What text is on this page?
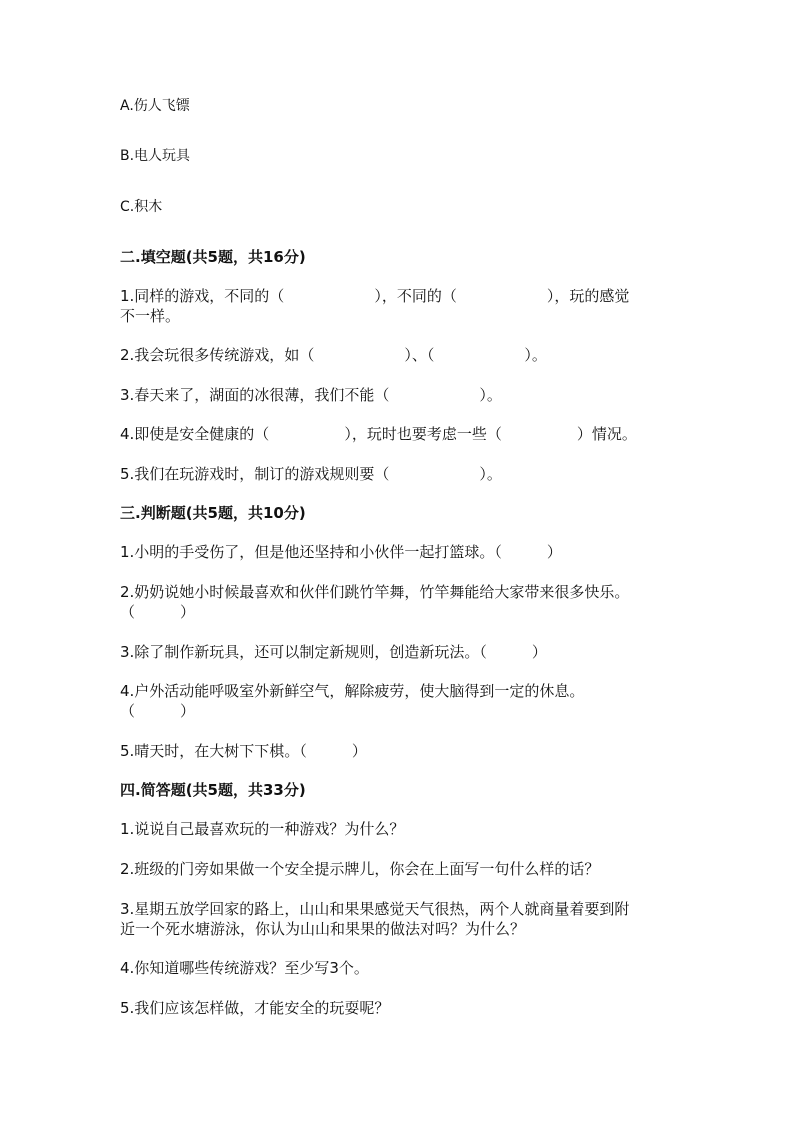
A.伤人飞镖
B.电人玩具
C.积木
二.填空题(共5题，共16分)
1.同样的游戏，不同的（　　　　　　），不同的（　　　　　　），玩的感觉
不一样。
2.我会玩很多传统游戏，如（　　　　　　）、（　　　　　　）。
3.春天来了，湖面的冰很薄，我们不能（　　　　　　）。
4.即使是安全健康的（　　　　　），玩时也要考虑一些（　　　　　）情况。
5.我们在玩游戏时，制订的游戏规则要（　　　　　　）。
三.判断题(共5题，共10分)
1.小明的手受伤了，但是他还坚持和小伙伴一起打篮球。（　　　）
2.奶奶说她小时候最喜欢和伙伴们跳竹竿舞，竹竿舞能给大家带来很多快乐。
（　　　）
3.除了制作新玩具，还可以制定新规则，创造新玩法。（　　　）
4.户外活动能呼吸室外新鲜空气，解除疲劳，使大脑得到一定的休息。
（　　　）
5.晴天时，在大树下下棋。（　　　）
四.简答题(共5题，共33分)
1.说说自己最喜欢玩的一种游戏？为什么？
2.班级的门旁如果做一个安全提示牌儿，你会在上面写一句什么样的话？
3.星期五放学回家的路上，山山和果果感觉天气很热，两个人就商量着要到附
近一个死水塘游泳，你认为山山和果果的做法对吗？为什么？
4.你知道哪些传统游戏？至少写3个。
5.我们应该怎样做，才能安全的玩耍呢？
